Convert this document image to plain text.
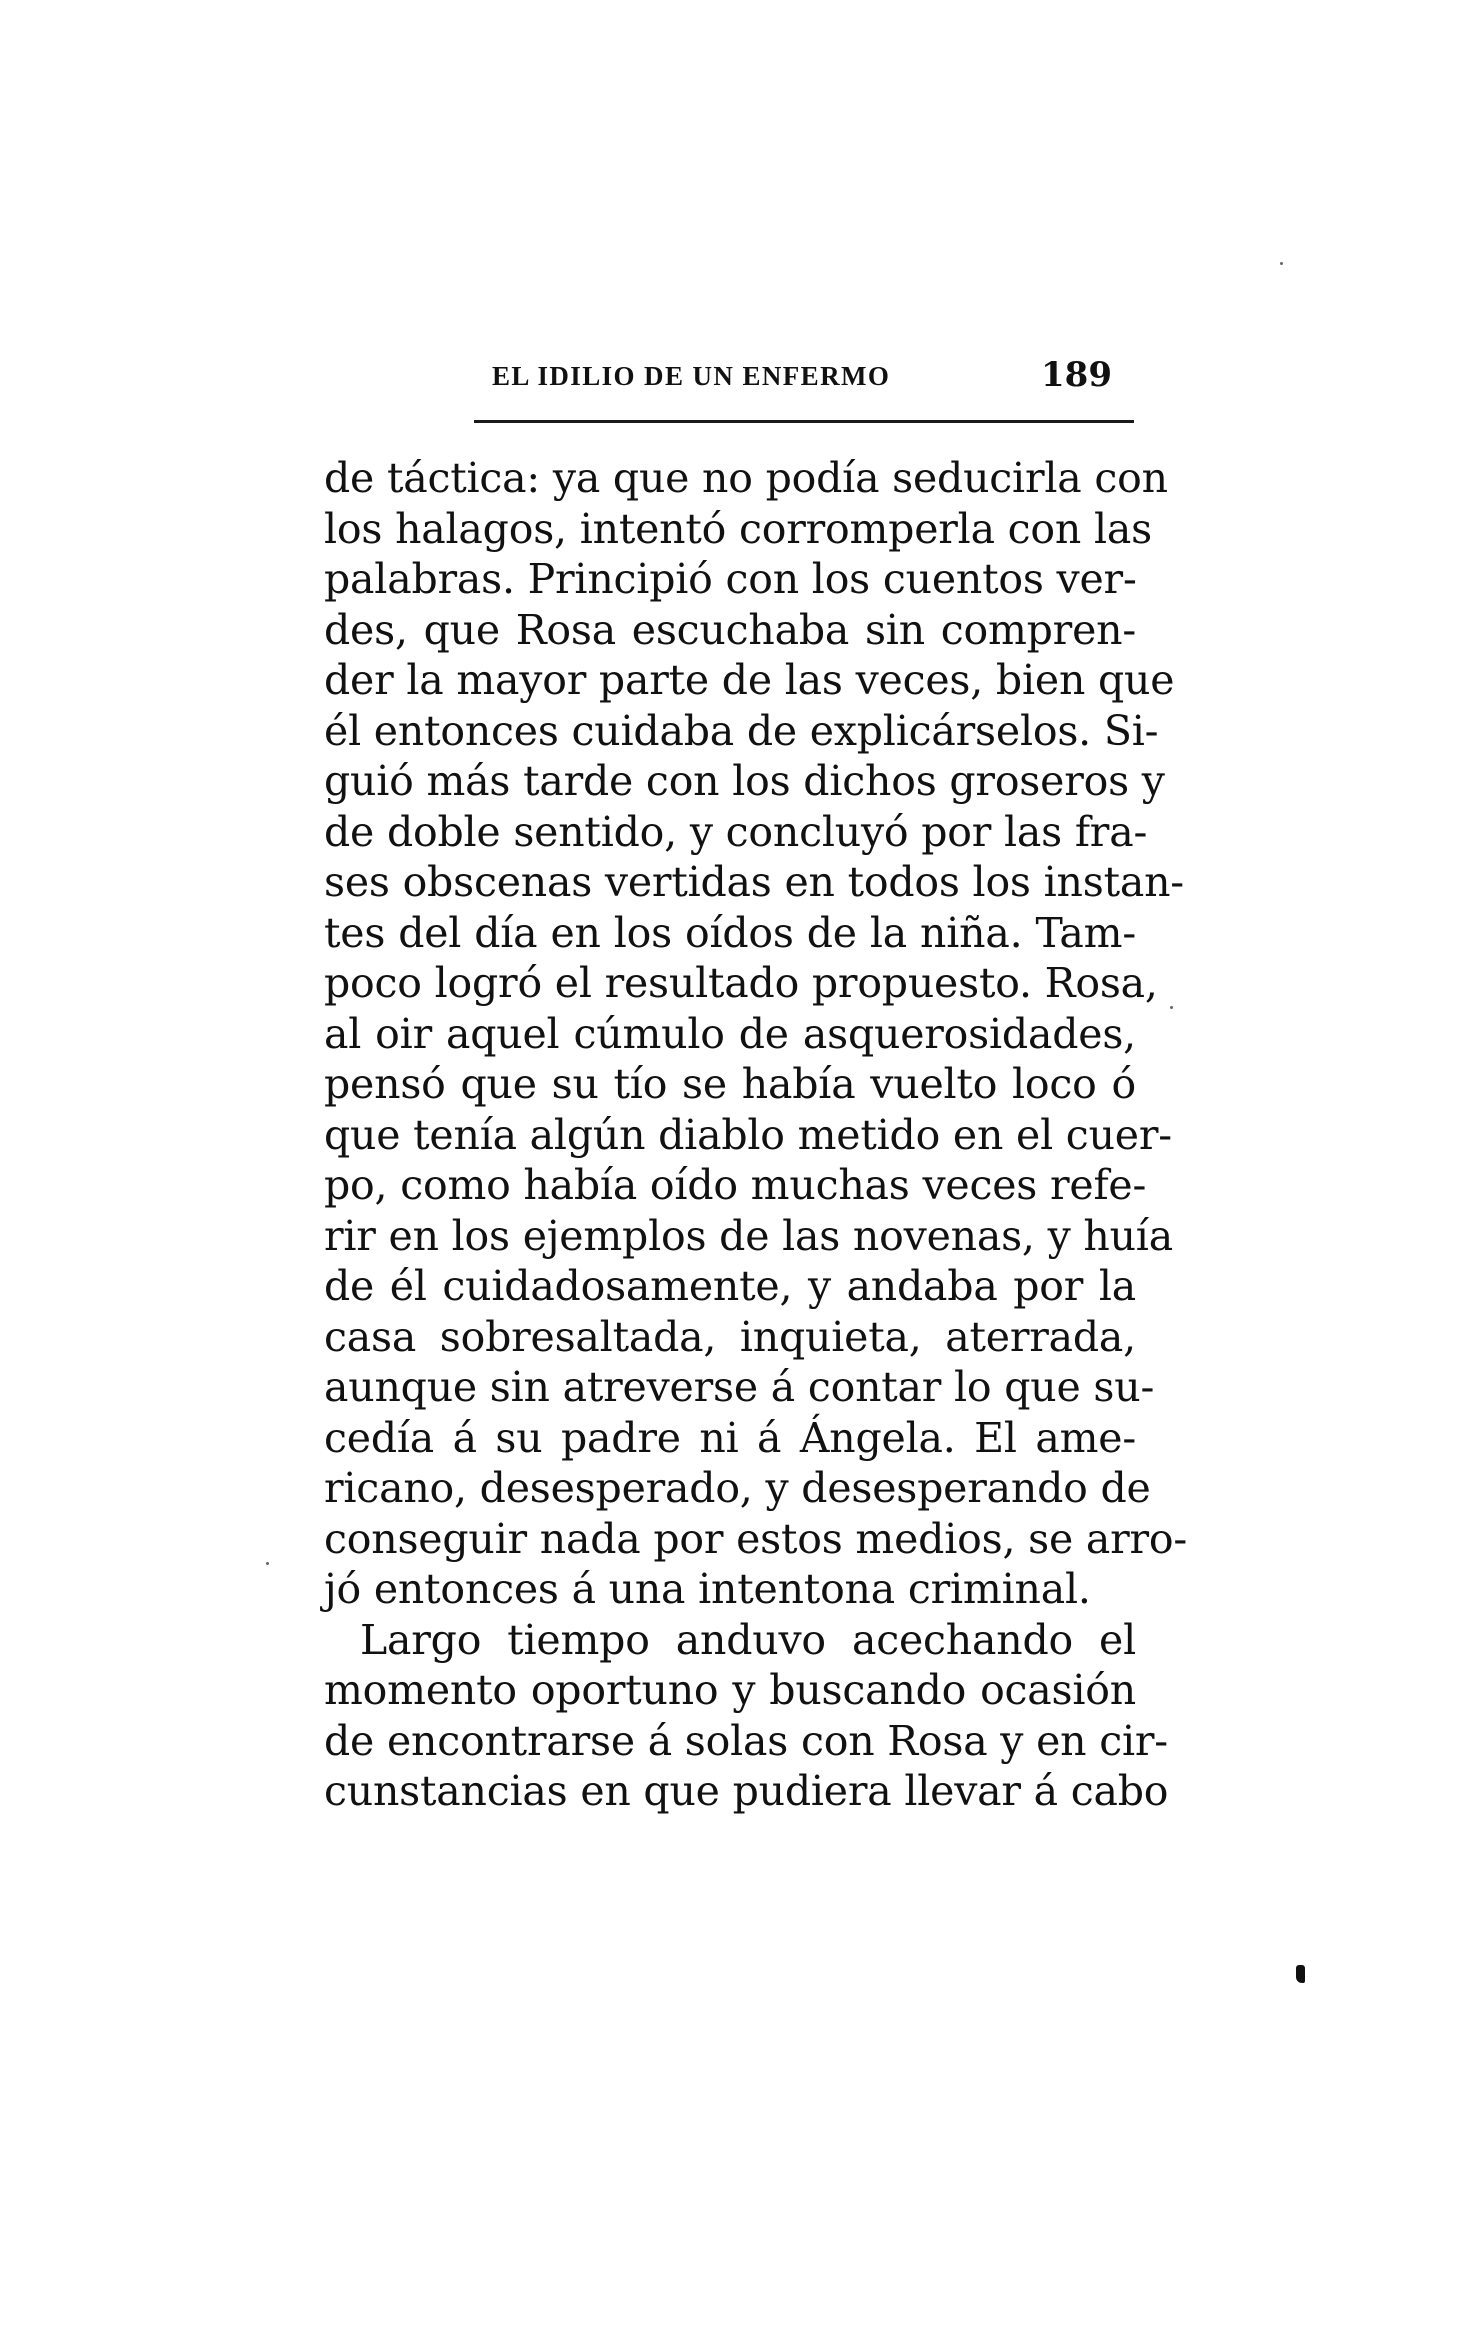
EL IDILIO DE UN ENFERMO	189
de táctica: ya que no podía seducirla con
los halagos, intentó corromperla con las
palabras. Principió con los cuentos ver-
des, que Rosa escuchaba sin compren-
der la mayor parte de las veces, bien que
él entonces cuidaba de explicárselos. Si-
guió más tarde con los dichos groseros y
de doble sentido, y concluyó por las fra-
ses obscenas vertidas en todos los instan-
tes del día en los oídos de la niña. Tam-
poco logró el resultado propuesto. Rosa,
al oir aquel cúmulo de asquerosidades,
pensó que su tío se había vuelto loco ó
que tenía algún diablo metido en el cuer-
po, como había oído muchas veces refe-
rir en los ejemplos de las novenas, y huía
de él cuidadosamente, y andaba por la
casa sobresaltada, inquieta, aterrada,
aunque sin atreverse á contar lo que su-
cedía á su padre ni á Ángela. El ame-
ricano, desesperado, y desesperando de
conseguir nada por estos medios, se arro-
jó entonces á una intentona criminal.
Largo tiempo anduvo acechando el
momento oportuno y buscando ocasión
de encontrarse á solas con Rosa y en cir-
cunstancias en que pudiera llevar á cabo
